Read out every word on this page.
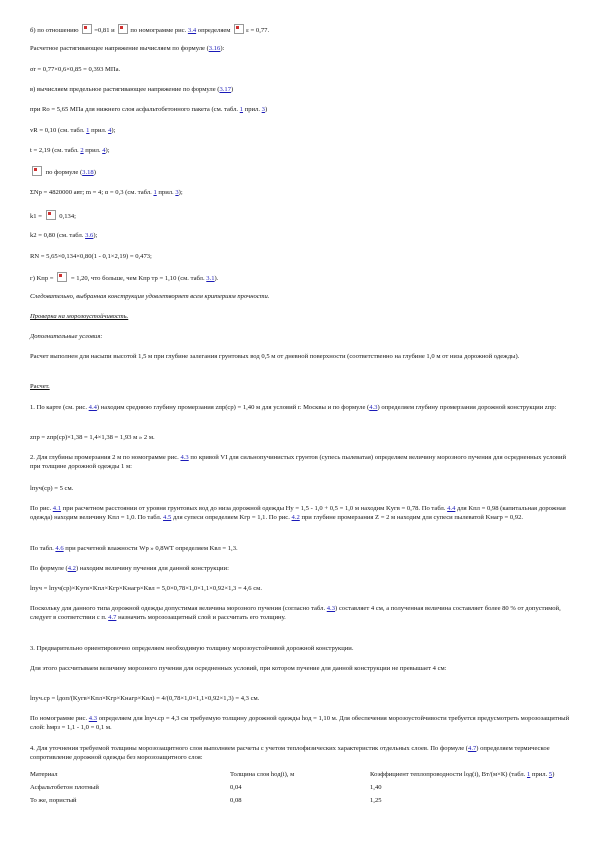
б) по отношению =0,81 и по номограмме рис. 3.4 определяем ε = 0,77.
Расчетное растягивающее напряжение вычисляем по формуле (3.16):
σr = 0,77×0,6×0,85 = 0,393 МПа.
в) вычисляем предельное растягивающее напряжение по формуле (3.17)
при Ro = 5,65 МПа для нижнего слоя асфальтобетонного пакета (см. табл. 1 прил. 3)
vR = 0,10 (см. табл. 1 прил. 4);
t = 2,19 (см. табл. 2 прил. 4);
по формуле (3.18)
ΣNp = 4820000 авт; m = 4; α = 0,3 (см. табл. 1 прил. 3);
k1 =	0,134;
k2 = 0,80 (см. табл. 3.6);
RN = 5,65×0,134×0,80(1 - 0,1×2,19) = 0,473;
г) Kпр =	= 1,20, что больше, чем Kпр тр = 1,10 (см. табл. 3.1).
Следовательно, выбранная конструкция удовлетворяет всем критериям прочности.
Проверка на морозоустойчивость.
Дополнительные условия:
Расчет выполнен для насыпи высотой 1,5 м при глубине залегания грунтовых вод 0,5 м от дневной поверхности (соответственно на глубине 1,0 м от низа дорожной одежды).
Расчет.
1. По карте (см. рис. 4.4) находим среднюю глубину промерзания zпр(ср) = 1,40 м для условий г. Москвы и по формуле (4.3) определяем глубину промерзания дорожной конструкции zпр:
zпр = zпр(ср)×1,38 = 1,4×1,38 = 1,93 м » 2 м.
2. Для глубины промерзания 2 м по номограмме рис. 4.3 по кривой VI для сильнопучинистых грунтов (супесь пылеватая) определяем величину морозного пучения для осредненных условий при толщине дорожной одежды 1 м:
lпуч(ср) = 5 см.
По рис. 4.1 при расчетном расстоянии от уровня грунтовых вод до низа дорожной одежды Hy = 1,5 - 1,0 + 0,5 = 1,0 м находим Kугв = 0,78. По табл. 4.4 для Kпл = 0,98 (капитальная дорожная одежда) находим величину Kпл = 1,0. По табл. 4.5 для супеси определяем Kгр = 1,1. По рис. 4.2 при глубине промерзания Z = 2 м находим для супеси пылеватой Kнагр = 0,92.
По табл. 4.6 при расчетной влажности Wp » 0,8WT определяем Kвл = 1,3.
По формуле (4.2) находим величину пучения для данной конструкции:
lпуч = lпуч(ср)×Kугв×Kпл×Kгр×Kнагр×Kвл = 5,0×0,78×1,0×1,1×0,92×1,3 = 4,6 см.
Поскольку для данного типа дорожной одежды допустимая величина морозного пучения (согласно табл. 4.3) составляет 4 см, а полученная величина составляет более 80 % от допустимой, следует в соответствии с п. 4.7 назначить морозозащитный слой и рассчитать его толщину.
3. Предварительно ориентировочно определяем необходимую толщину морозоустойчивой дорожной конструкции.
Для этого рассчитываем величину морозного пучения для осредненных условий, при котором пучение для данной конструкции не превышает 4 см:
lпуч.ср = lдоп/(Kугв×Kпл×Kгр×Kнагр×Kвл) = 4/(0,78×1,0×1,1×0,92×1,3) = 4,3 см.
По номограмме рис. 4.3 определяем для lпуч.ср = 4,3 см требуемую толщину дорожной одежды hод = 1,10 м. Для обеспечения морозоустойчивости требуется предусмотреть морозозащитный слой: hмрз = 1,1 - 1,0 = 0,1 м.
4. Для уточнения требуемой толщины морозозащитного слоя выполняем расчеты с учетом теплофизических характеристик отдельных слоев. По формуле (4.7) определяем термическое сопротивление дорожной одежды без морозозащитного слоя:
Материал	Толщина слоя hод(i), м	Коэффициент теплопроводности lод(i), Вт/(м×К) (табл. 1 прил. 5)
Асфальтобетон плотный	0,04	1,40
То же, пористый	0,08	1,25
